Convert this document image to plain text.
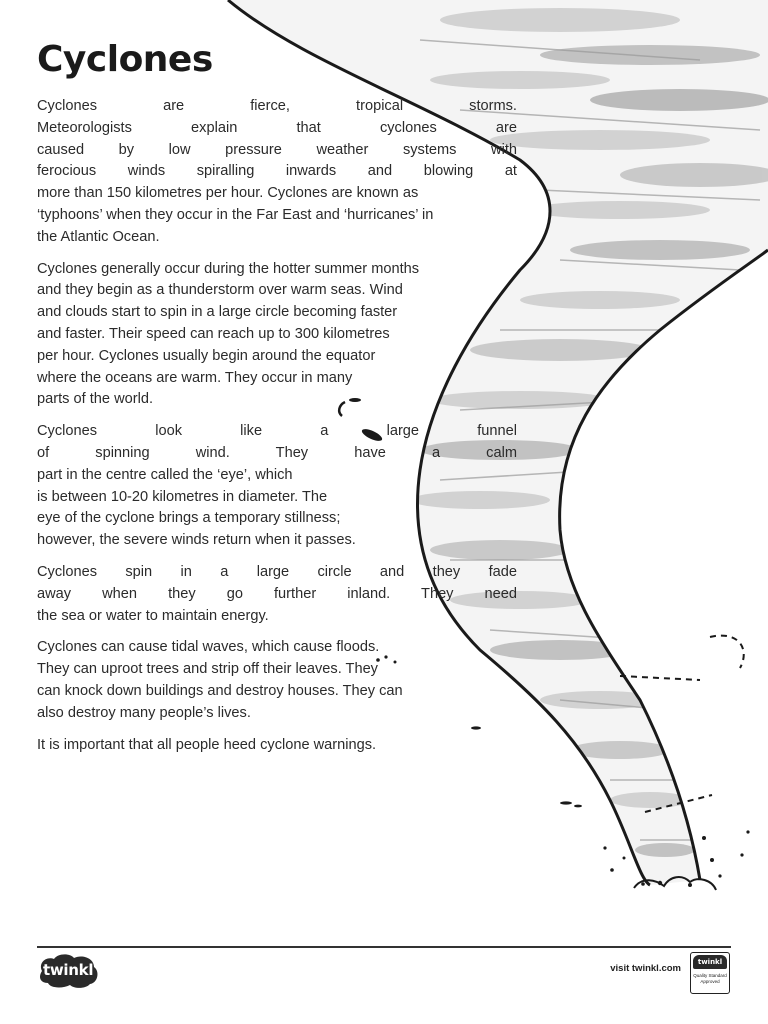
Cyclones
Cyclones are fierce, tropical storms.
Meteorologists explain that cyclones are
caused by low pressure weather systems with
ferocious winds spiralling inwards and blowing at
more than 150 kilometres per hour. Cyclones are known as
‘typhoons’ when they occur in the Far East and ‘hurricanes’ in
the Atlantic Ocean.
Cyclones generally occur during the hotter summer months
and they begin as a thunderstorm over warm seas. Wind
and clouds start to spin in a large circle becoming faster
and faster. Their speed can reach up to 300 kilometres
per hour. Cyclones usually begin around the equator
where the oceans are warm. They occur in many
parts of the world.
Cyclones look like a large funnel
of spinning wind. They have a calm
part in the centre called the ‘eye’, which
is between 10-20 kilometres in diameter. The
eye of the cyclone brings a temporary stillness;
however, the severe winds return when it passes.
Cyclones spin in a large circle and they fade
away when they go further inland. They need
the sea or water to maintain energy.
Cyclones can cause tidal waves, which cause floods.
They can uproot trees and strip off their leaves. They
can knock down buildings and destroy houses. They can
also destroy many people’s lives.
It is important that all people heed cyclone warnings.
twinkl	visit twinkl.com
twinkl
Quality Standard
Approved
